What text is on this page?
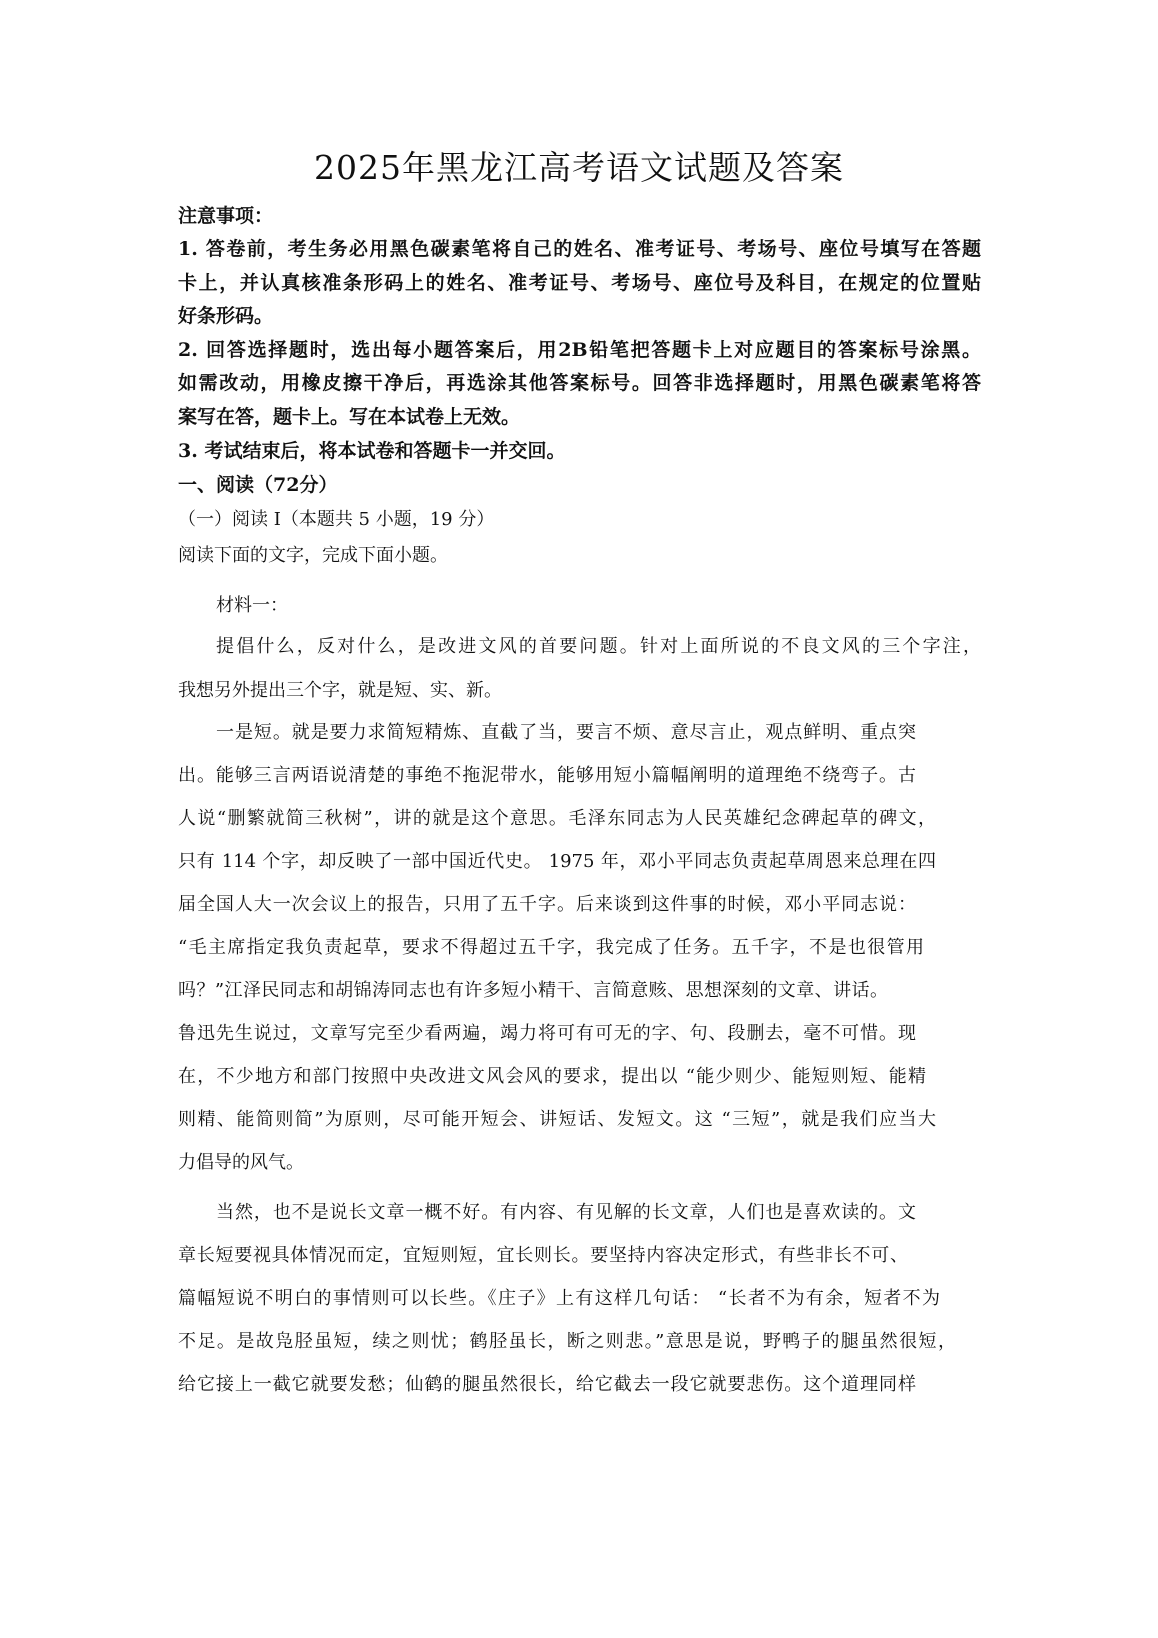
2025年黑龙江高考语文试题及答案
注意事项：
1. 答卷前，考生务必用黑色碳素笔将自己的姓名、准考证号、考场号、座位号填写在答题
卡上，并认真核准条形码上的姓名、准考证号、考场号、座位号及科目，在规定的位置贴
好条形码。
2. 回答选择题时，选出每小题答案后，用2B铅笔把答题卡上对应题目的答案标号涂黑。
如需改动，用橡皮擦干净后，再选涂其他答案标号。回答非选择题时，用黑色碳素笔将答
案写在答，题卡上。写在本试卷上无效。
3. 考试结束后，将本试卷和答题卡一并交回。
一、阅读（72分）
（一）阅读 I（本题共 5 小题，19 分）
阅读下面的文字，完成下面小题。
材料一：
提倡什么，反对什么，是改进文风的首要问题。针对上面所说的不良文风的三个字注，
我想另外提出三个字，就是短、实、新。
一是短。就是要力求简短精炼、直截了当，要言不烦、意尽言止，观点鲜明、重点突
出。能够三言两语说清楚的事绝不拖泥带水，能够用短小篇幅阐明的道理绝不绕弯子。古
人说“删繁就简三秋树”，讲的就是这个意思。毛泽东同志为人民英雄纪念碑起草的碑文，
只有 114 个字，却反映了一部中国近代史。 1975 年，邓小平同志负责起草周恩来总理在四
届全国人大一次会议上的报告，只用了五千字。后来谈到这件事的时候，邓小平同志说：
“毛主席指定我负责起草，要求不得超过五千字，我完成了任务。五千字，不是也很管用
吗？”江泽民同志和胡锦涛同志也有许多短小精干、言简意赅、思想深刻的文章、讲话。
鲁迅先生说过，文章写完至少看两遍，竭力将可有可无的字、句、段删去，毫不可惜。现
在，不少地方和部门按照中央改进文风会风的要求，提出以 “能少则少、能短则短、能精
则精、能简则简”为原则，尽可能开短会、讲短话、发短文。这 “三短”，就是我们应当大
力倡导的风气。
当然，也不是说长文章一概不好。有内容、有见解的长文章，人们也是喜欢读的。文
章长短要视具体情况而定，宜短则短，宜长则长。要坚持内容决定形式，有些非长不可、
篇幅短说不明白的事情则可以长些。《庄子》上有这样几句话： “长者不为有余，短者不为
不足。是故凫胫虽短，续之则忧；鹤胫虽长，断之则悲。”意思是说，野鸭子的腿虽然很短，
给它接上一截它就要发愁；仙鹤的腿虽然很长，给它截去一段它就要悲伤。这个道理同样
